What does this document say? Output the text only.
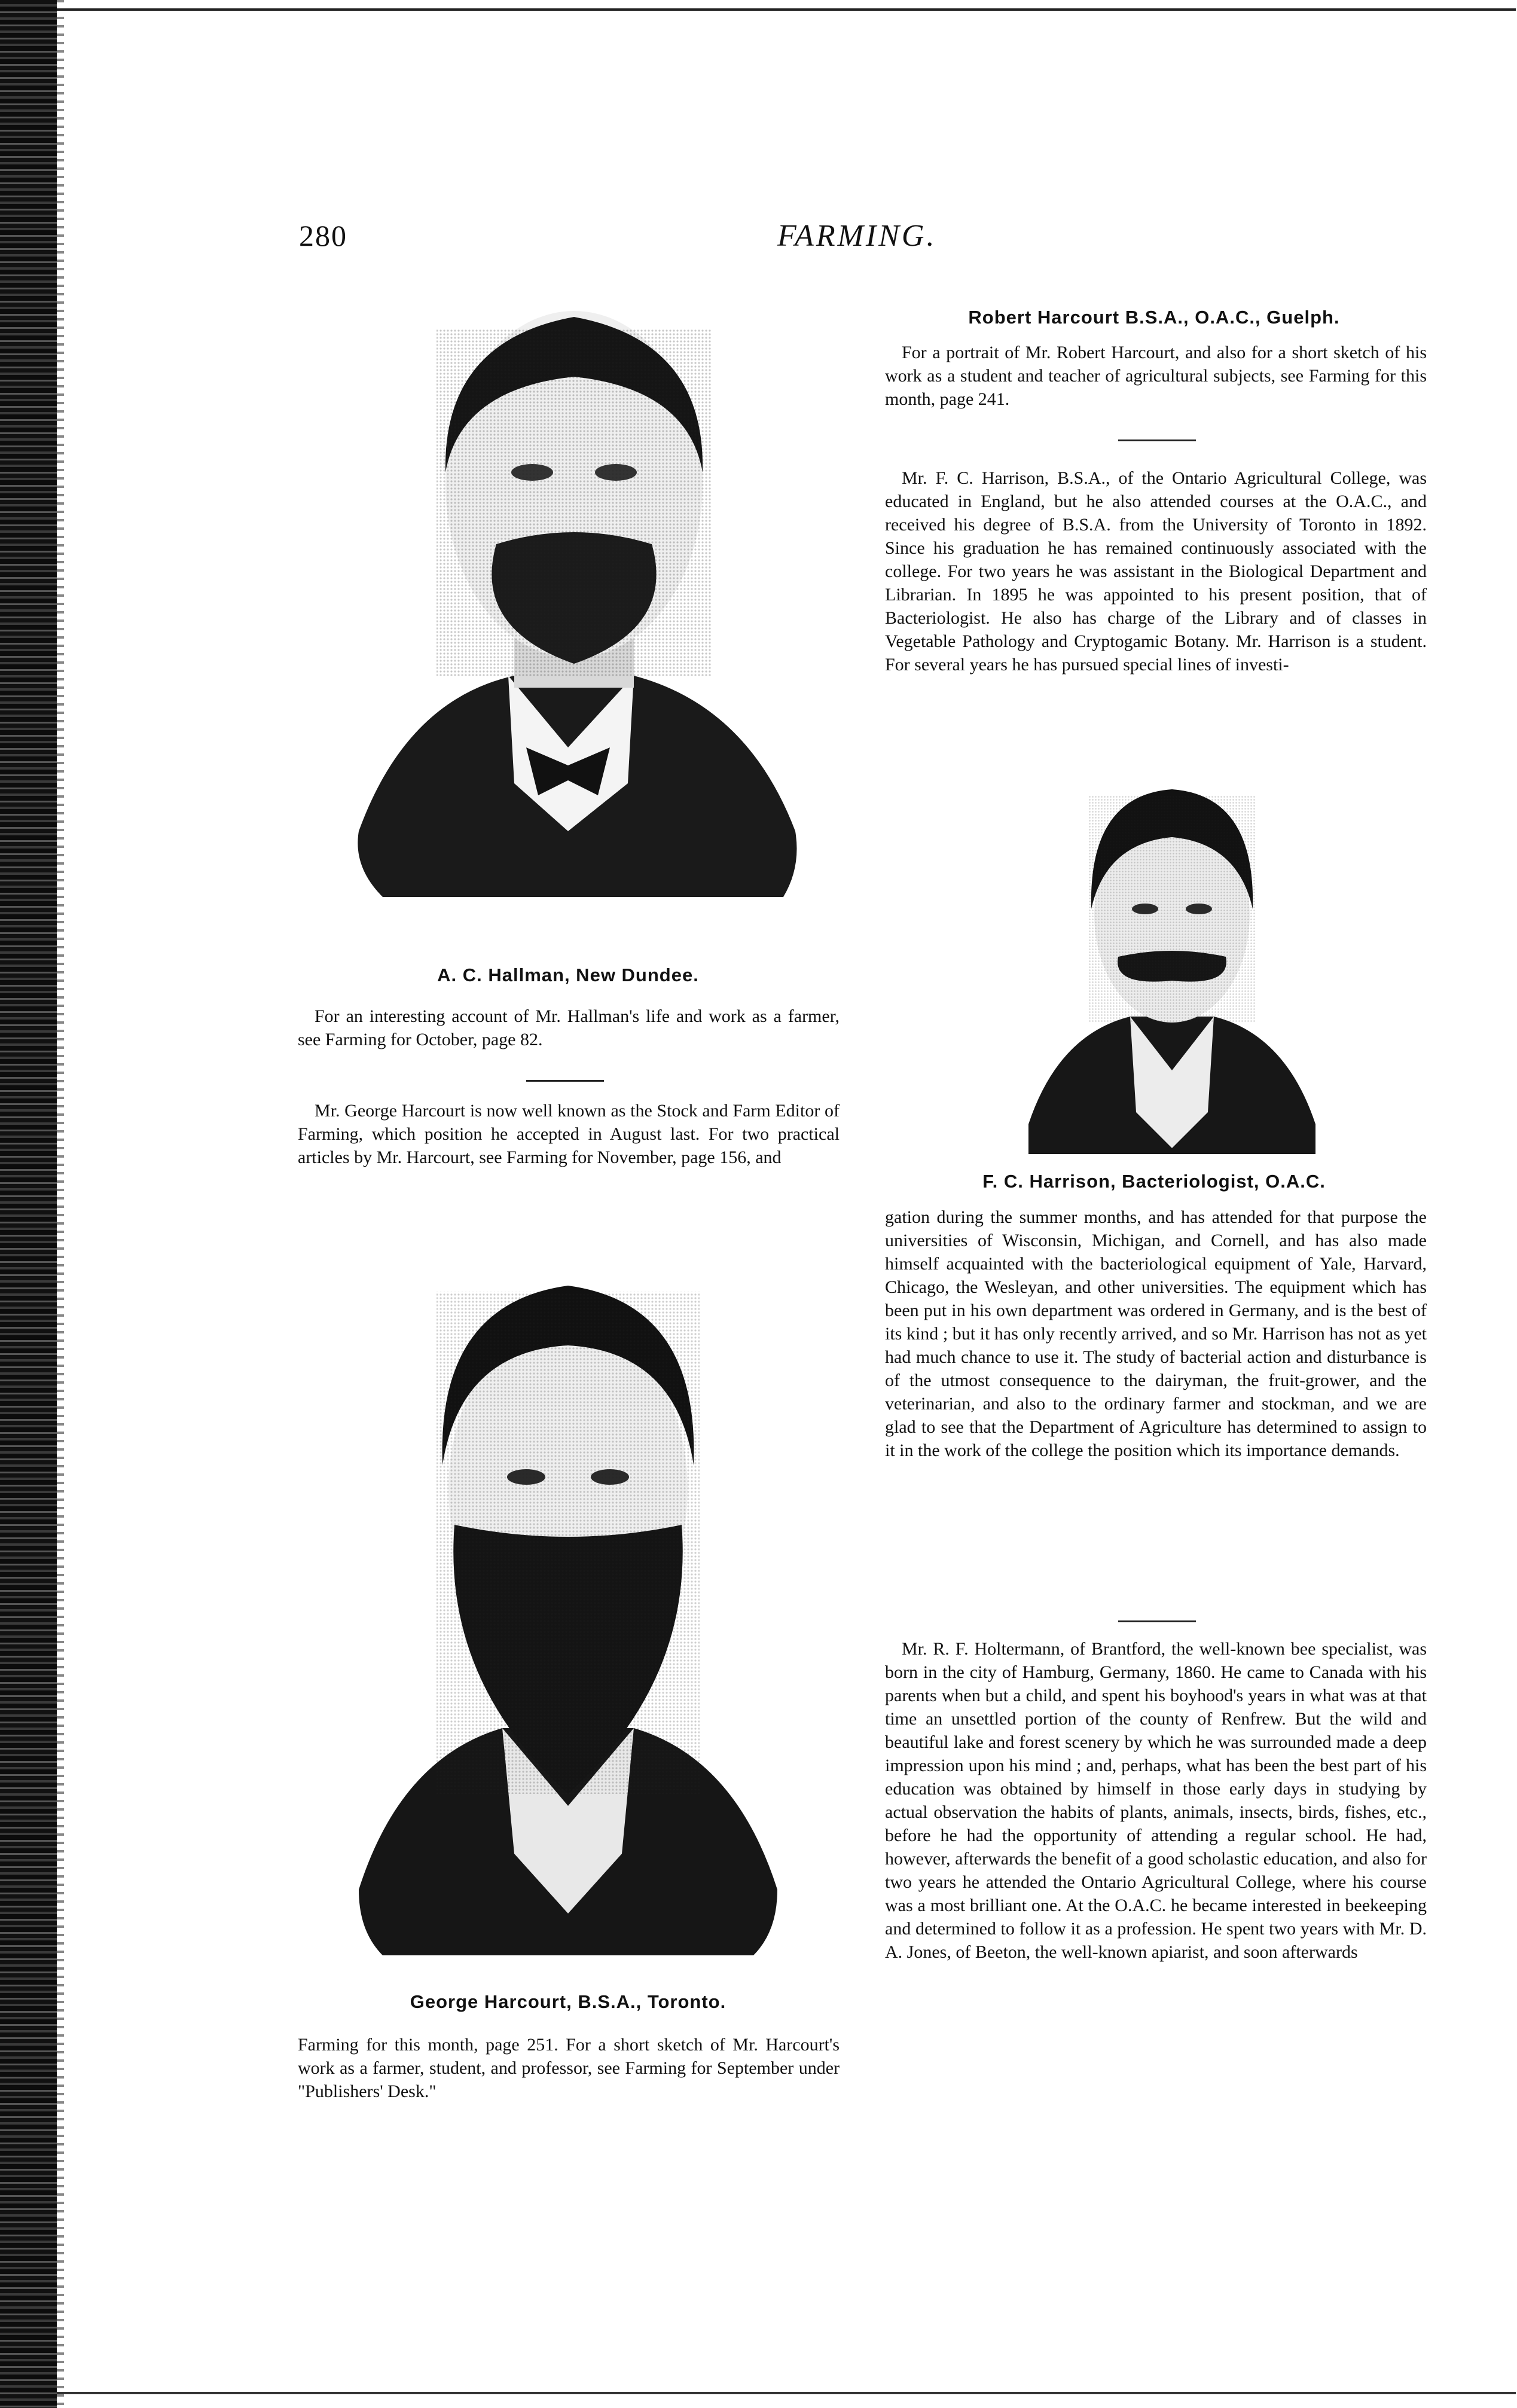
280	FARMING.
A. C. Hallman, New Dundee.

For an interesting account of Mr. Hallman's life and work as a farmer, see Farming for October, page 82.

Mr. George Harcourt is now well known as the Stock and Farm Editor of Farming, which position he accepted in August last. For two practical articles by Mr. Harcourt, see Farming for November, page 156, and

George Harcourt, B.S.A., Toronto.

Farming for this month, page 251. For a short sketch of Mr. Harcourt's work as a farmer, student, and professor, see Farming for September under "Publishers' Desk."

Robert Harcourt B.S.A., O.A.C., Guelph.

For a portrait of Mr. Robert Harcourt, and also for a short sketch of his work as a student and teacher of agricultural subjects, see Farming for this month, page 241.

Mr. F. C. Harrison, B.S.A., of the Ontario Agricultural College, was educated in England, but he also attended courses at the O.A.C., and received his degree of B.S.A. from the University of Toronto in 1892. Since his graduation he has remained continuously associated with the college. For two years he was assistant in the Biological Department and Librarian. In 1895 he was appointed to his present position, that of Bacteriologist. He also has charge of the Library and of classes in Vegetable Pathology and Cryptogamic Botany. Mr. Harrison is a student. For several years he has pursued special lines of investi-

F. C. Harrison, Bacteriologist, O.A.C.

gation during the summer months, and has attended for that purpose the universities of Wisconsin, Michigan, and Cornell, and has also made himself acquainted with the bacteriological equipment of Yale, Harvard, Chicago, the Wesleyan, and other universities. The equipment which has been put in his own department was ordered in Germany, and is the best of its kind ; but it has only recently arrived, and so Mr. Harrison has not as yet had much chance to use it. The study of bacterial action and disturbance is of the utmost consequence to the dairyman, the fruit-grower, and the veterinarian, and also to the ordinary farmer and stockman, and we are glad to see that the Department of Agriculture has determined to assign to it in the work of the college the position which its importance demands.

Mr. R. F. Holtermann, of Brantford, the well-known bee specialist, was born in the city of Hamburg, Germany, 1860. He came to Canada with his parents when but a child, and spent his boyhood's years in what was at that time an unsettled portion of the county of Renfrew. But the wild and beautiful lake and forest scenery by which he was surrounded made a deep impression upon his mind ; and, perhaps, what has been the best part of his education was obtained by himself in those early days in studying by actual observation the habits of plants, animals, insects, birds, fishes, etc., before he had the opportunity of attending a regular school. He had, however, afterwards the benefit of a good scholastic education, and also for two years he attended the Ontario Agricultural College, where his course was a most brilliant one. At the O.A.C. he became interested in beekeeping and determined to follow it as a profession. He spent two years with Mr. D. A. Jones, of Beeton, the well-known apiarist, and soon afterwards
